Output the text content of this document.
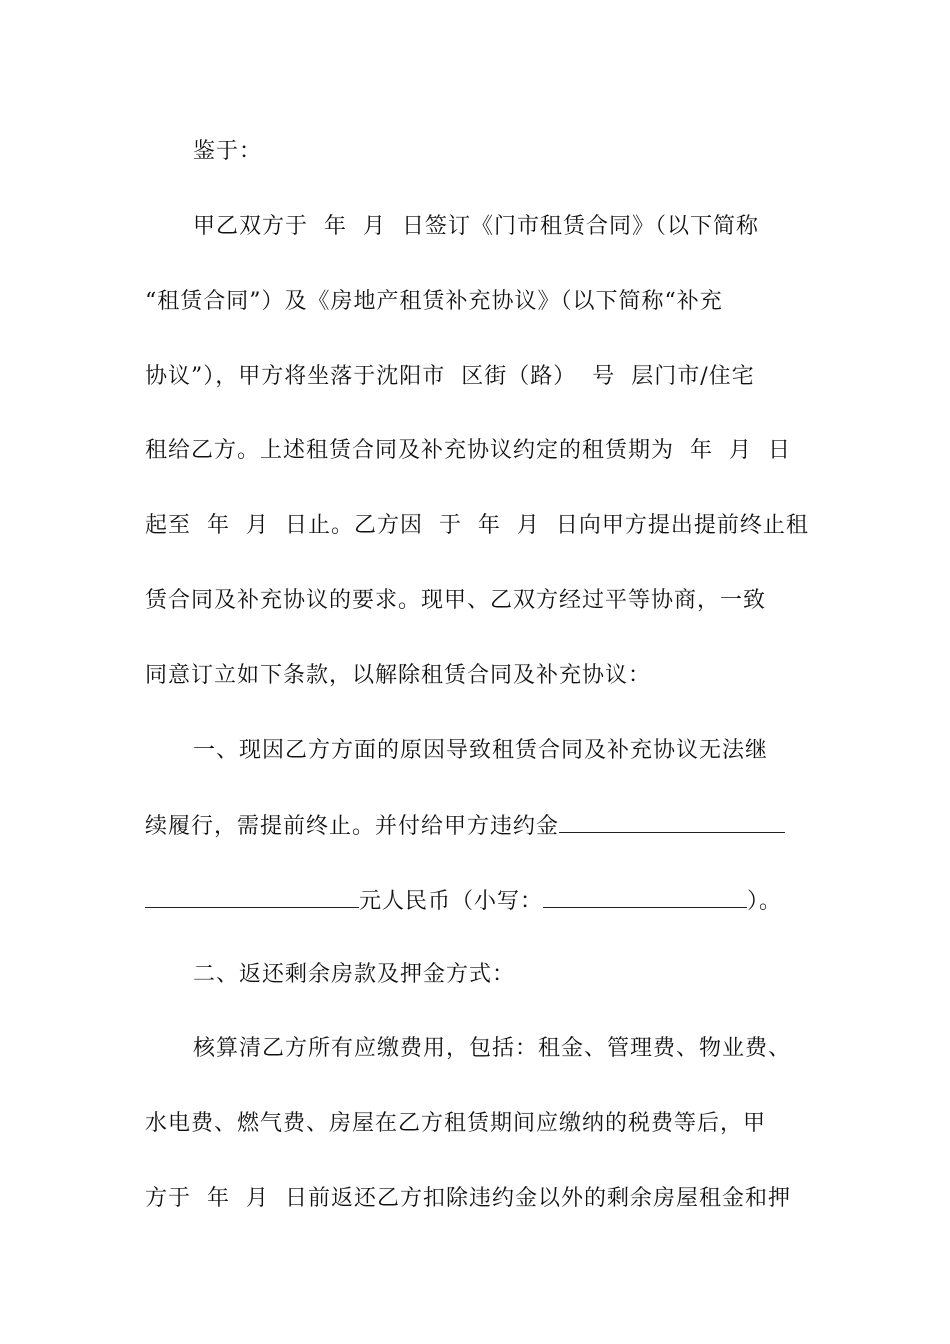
鉴于：
甲乙双方于  年  月  日签订《门市租赁合同》（以下简称
“租赁合同”）及《房地产租赁补充协议》（以下简称“补充
协议”），甲方将坐落于沈阳市  区街（路）  号  层门市/住宅
租给乙方。上述租赁合同及补充协议约定的租赁期为  年  月  日
起至  年  月  日止。乙方因  于  年  月  日向甲方提出提前终止租
赁合同及补充协议的要求。现甲、乙双方经过平等协商，一致
同意订立如下条款，以解除租赁合同及补充协议：
一、现因乙方方面的原因导致租赁合同及补充协议无法继
续履行，需提前终止。并付给甲方违约金
元人民币（小写：	）。
二、返还剩余房款及押金方式：
核算清乙方所有应缴费用，包括：租金、管理费、物业费、
水电费、燃气费、房屋在乙方租赁期间应缴纳的税费等后，甲
方于  年  月  日前返还乙方扣除违约金以外的剩余房屋租金和押
